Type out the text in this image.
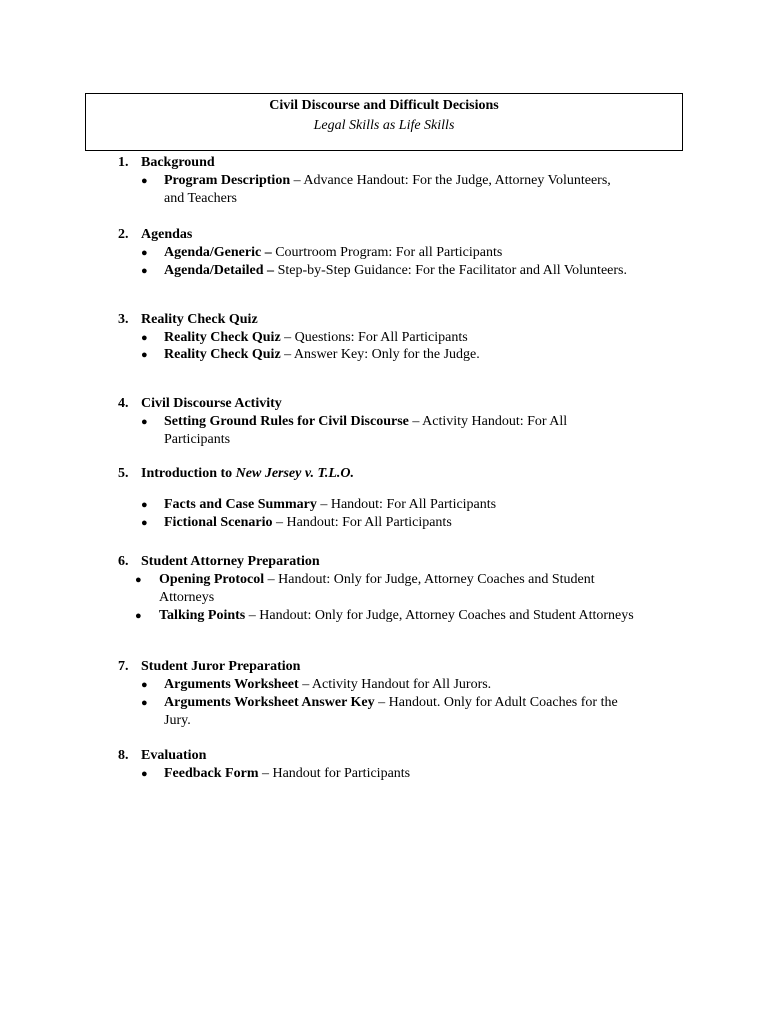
Civil Discourse and Difficult Decisions
Legal Skills as Life Skills
1. Background
● Program Description – Advance Handout: For the Judge, Attorney Volunteers,
and Teachers
2. Agendas
● Agenda/Generic – Courtroom Program: For all Participants
● Agenda/Detailed – Step-by-Step Guidance: For the Facilitator and All Volunteers.
3. Reality Check Quiz
● Reality Check Quiz – Questions: For All Participants
● Reality Check Quiz – Answer Key: Only for the Judge.
4. Civil Discourse Activity
● Setting Ground Rules for Civil Discourse – Activity Handout: For All
Participants
5. Introduction to New Jersey v. T.L.O.
● Facts and Case Summary – Handout: For All Participants
● Fictional Scenario – Handout: For All Participants
6. Student Attorney Preparation
● Opening Protocol – Handout: Only for Judge, Attorney Coaches and Student
Attorneys
● Talking Points – Handout: Only for Judge, Attorney Coaches and Student Attorneys
7. Student Juror Preparation
● Arguments Worksheet – Activity Handout for All Jurors.
● Arguments Worksheet Answer Key – Handout. Only for Adult Coaches for the
Jury.
8. Evaluation
● Feedback Form – Handout for Participants
